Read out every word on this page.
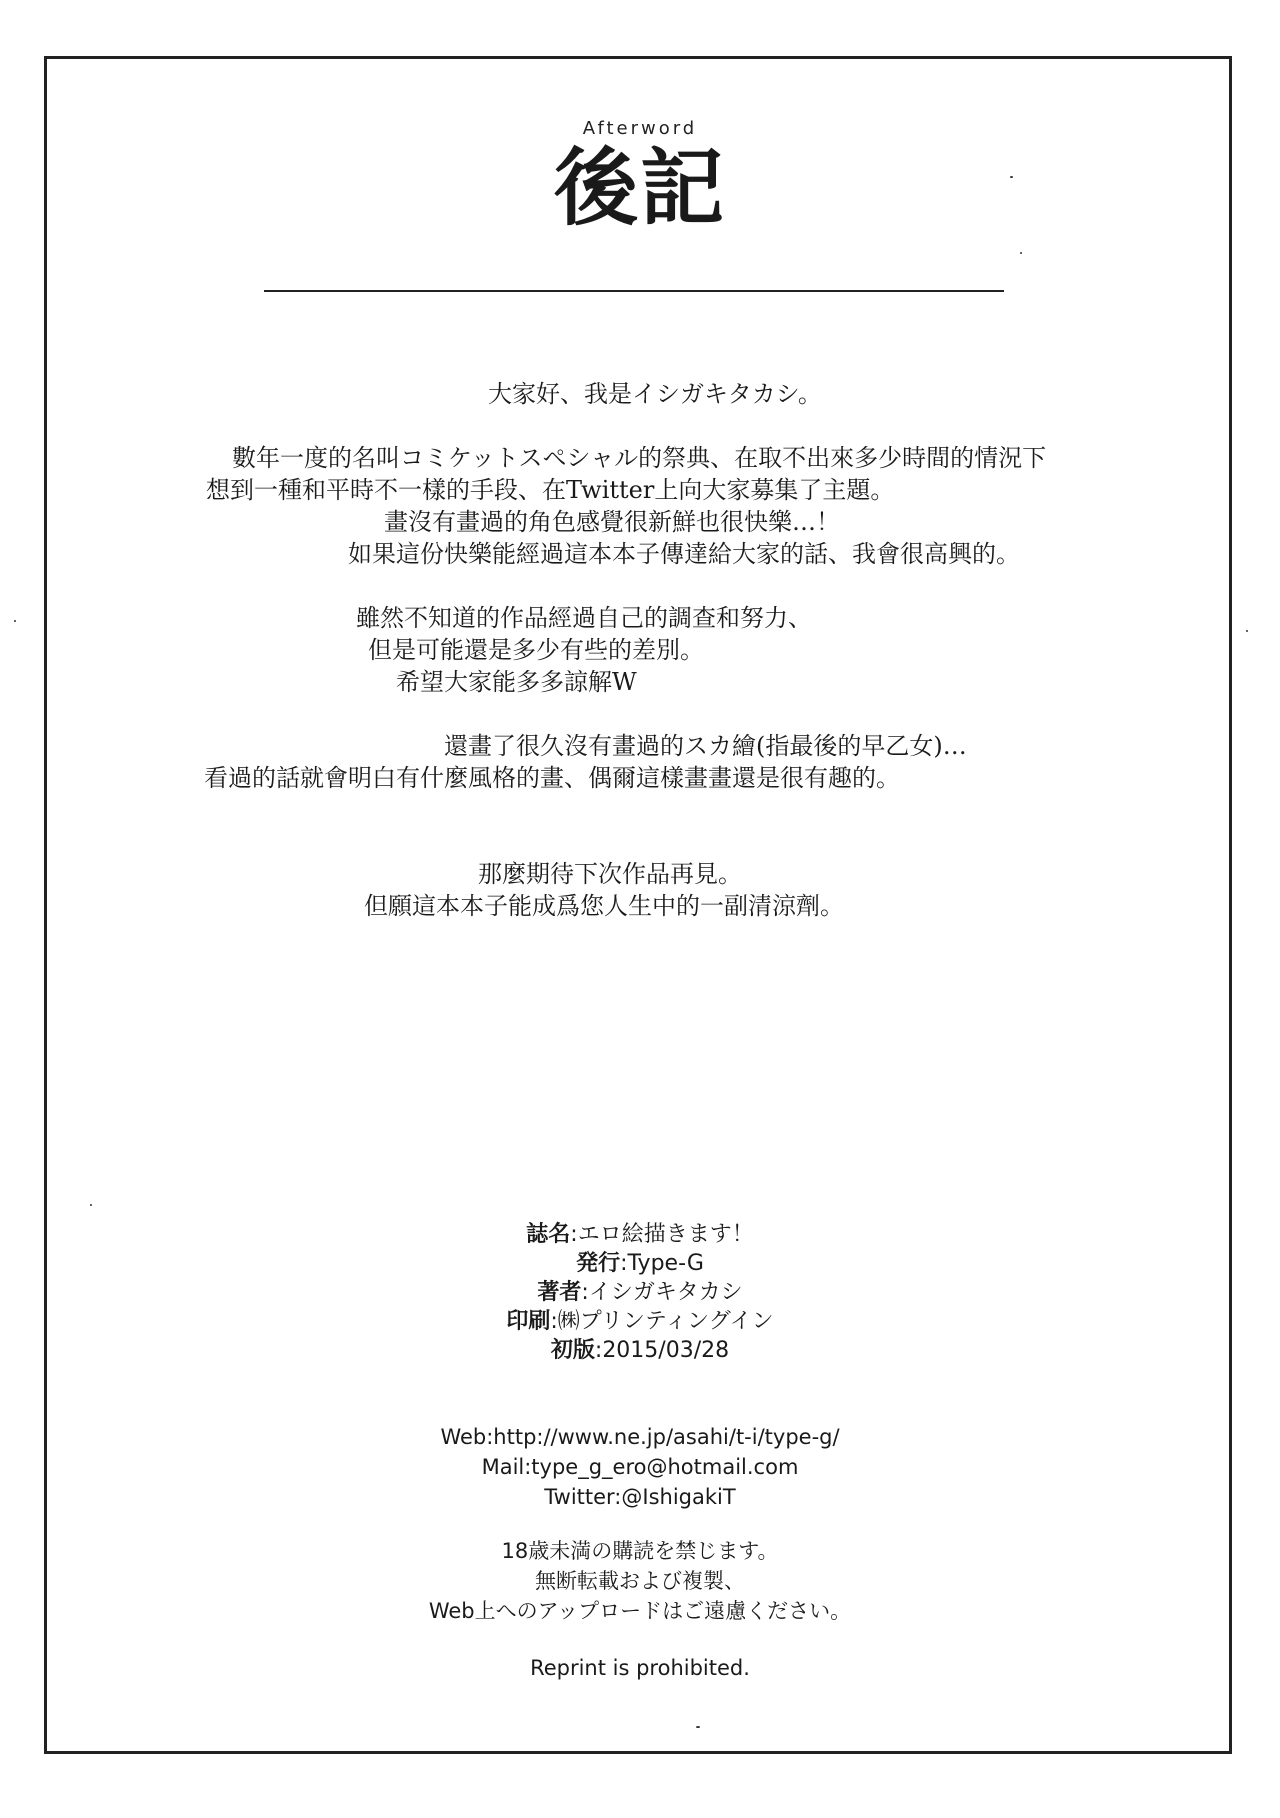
Afterword
後記
大家好、我是イシガキタカシ。
數年一度的名叫コミケットスペシャル的祭典、在取不出來多少時間的情況下
想到一種和平時不一樣的手段、在Twitter上向大家募集了主題。
畫沒有畫過的角色感覺很新鮮也很快樂…！
如果這份快樂能經過這本本子傳達給大家的話、我會很高興的。
雖然不知道的作品經過自己的調查和努力、
但是可能還是多少有些的差別。
希望大家能多多諒解W
還畫了很久沒有畫過的スカ繪(指最後的早乙女)…
看過的話就會明白有什麼風格的畫、偶爾這樣畫畫還是很有趣的。
那麼期待下次作品再見。
但願這本本子能成爲您人生中的一副清涼劑。
誌名:エロ絵描きます！
発行:Type-G
著者:イシガキタカシ
印刷:㈱プリンティングイン
初版:2015/03/28
Web:http://www.ne.jp/asahi/t-i/type-g/
Mail:type_g_ero@hotmail.com
Twitter:@IshigakiT
18歳未満の購読を禁じます。
無断転載および複製、
Web上へのアップロードはご遠慮ください。
Reprint is prohibited.
